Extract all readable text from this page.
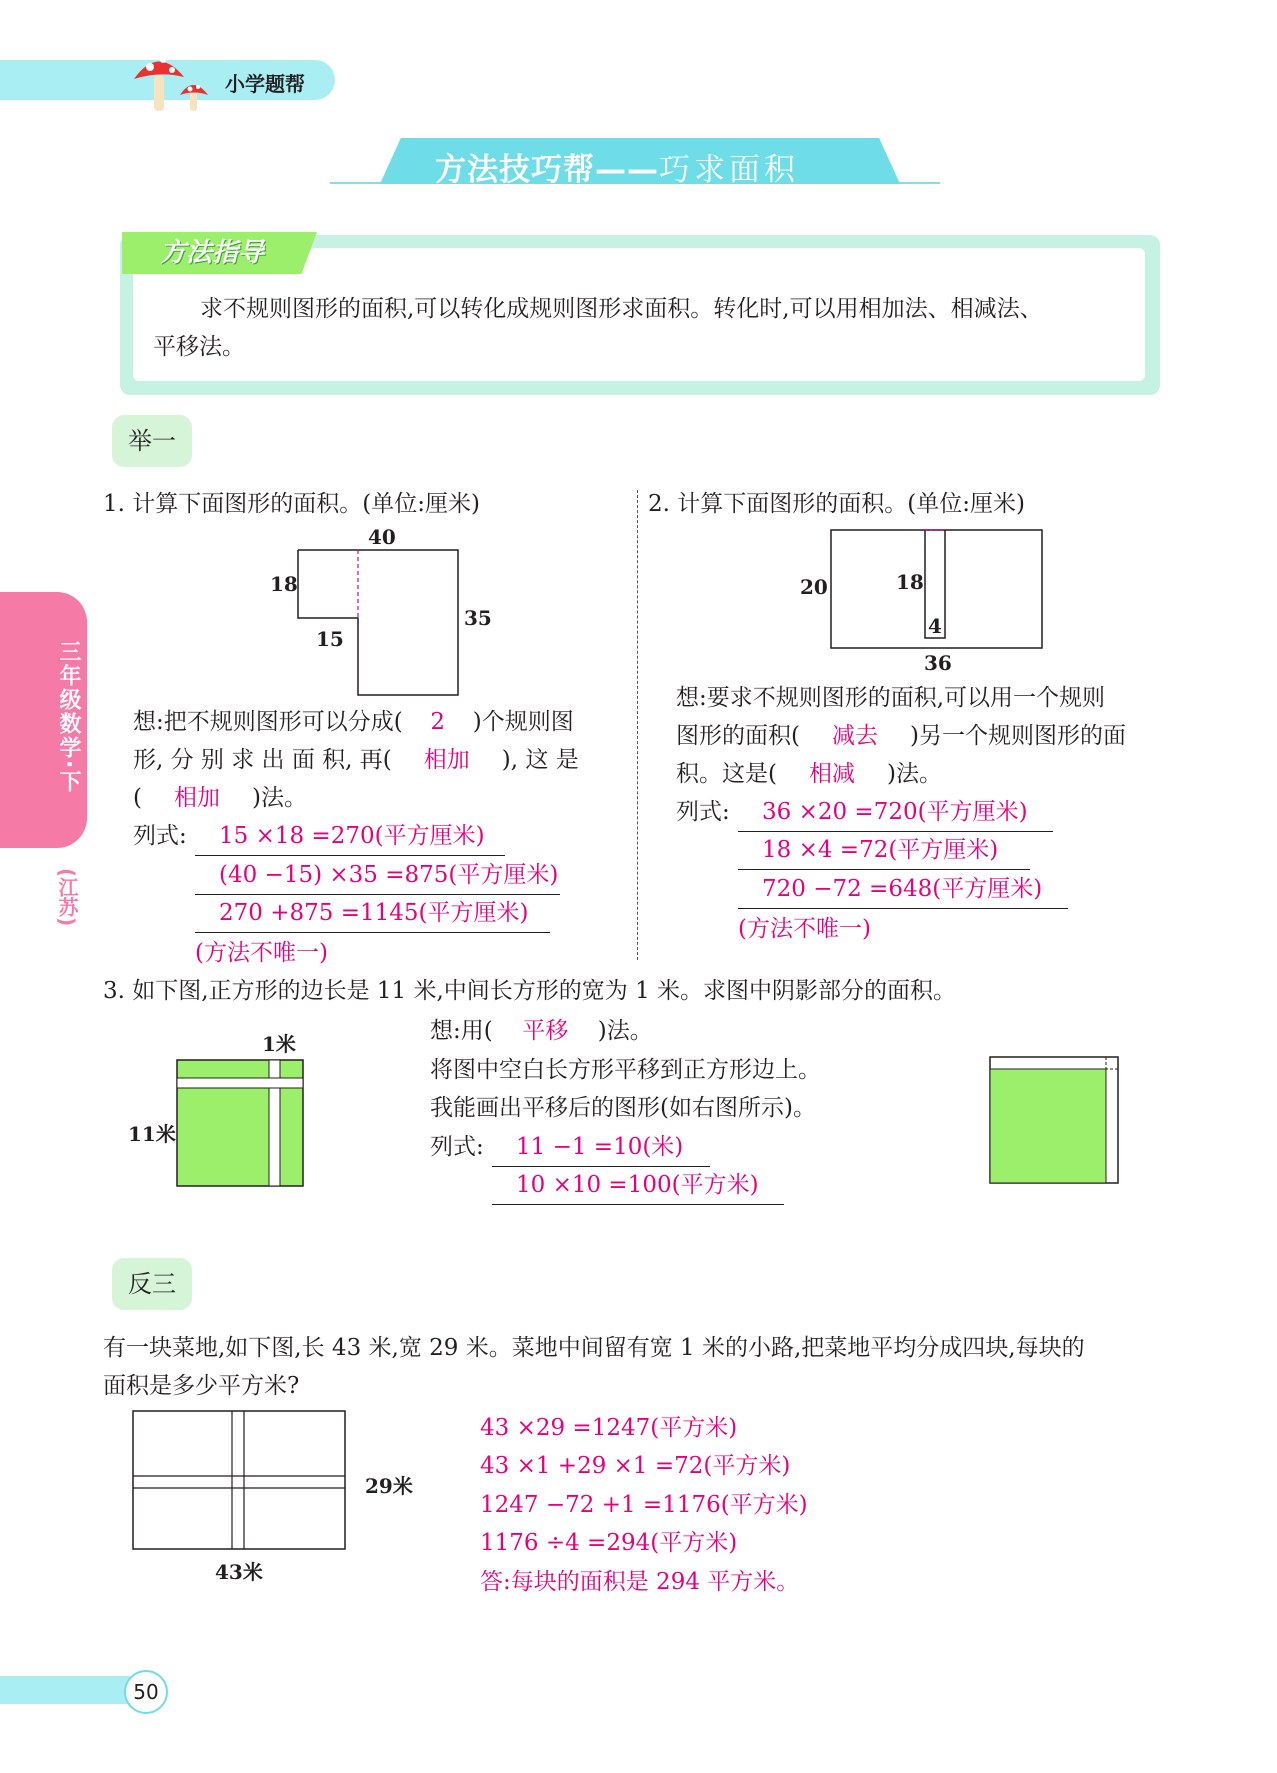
小学题帮
方法技巧帮——巧求面积
方法指导
求不规则图形的面积,可以转化成规则图形求面积。转化时,可以用相加法、相减法、
平移法。
举一
1. 计算下面图形的面积。(单位:厘米)
40
18
15
35
想:把不规则图形可以分成( 2 )个规则图
形, 分 别 求 出 面 积, 再( 相加 ), 这 是
( 相加 )法。
列式:	15 ×18 =270(平方厘米)
(40 −15) ×35 =875(平方厘米)
270 +875 =1145(平方厘米)
(方法不唯一)
2. 计算下面图形的面积。(单位:厘米)
20	18
4
36
想:要求不规则图形的面积,可以用一个规则
图形的面积( 减去 )另一个规则图形的面
积。这是( 相减 )法。
列式:	36 ×20 =720(平方厘米)
18 ×4 =72(平方厘米)
720 −72 =648(平方厘米)
(方法不唯一)
3. 如下图,正方形的边长是 11 米,中间长方形的宽为 1 米。求图中阴影部分的面积。
1米
11米
想:用( 平移 )法。
将图中空白长方形平移到正方形边上。
我能画出平移后的图形(如右图所示)。
列式:	11 −1 =10(米)
10 ×10 =100(平方米)
反三
有一块菜地,如下图,长 43 米,宽 29 米。菜地中间留有宽 1 米的小路,把菜地平均分成四块,每块的
面积是多少平方米?
29米
43米
43 ×29 =1247(平方米)
43 ×1 +29 ×1 =72(平方米)
1247 −72 +1 =1176(平方米)
1176 ÷4 =294(平方米)
答:每块的面积是 294 平方米。
三年级数学·下
(江苏)
50
